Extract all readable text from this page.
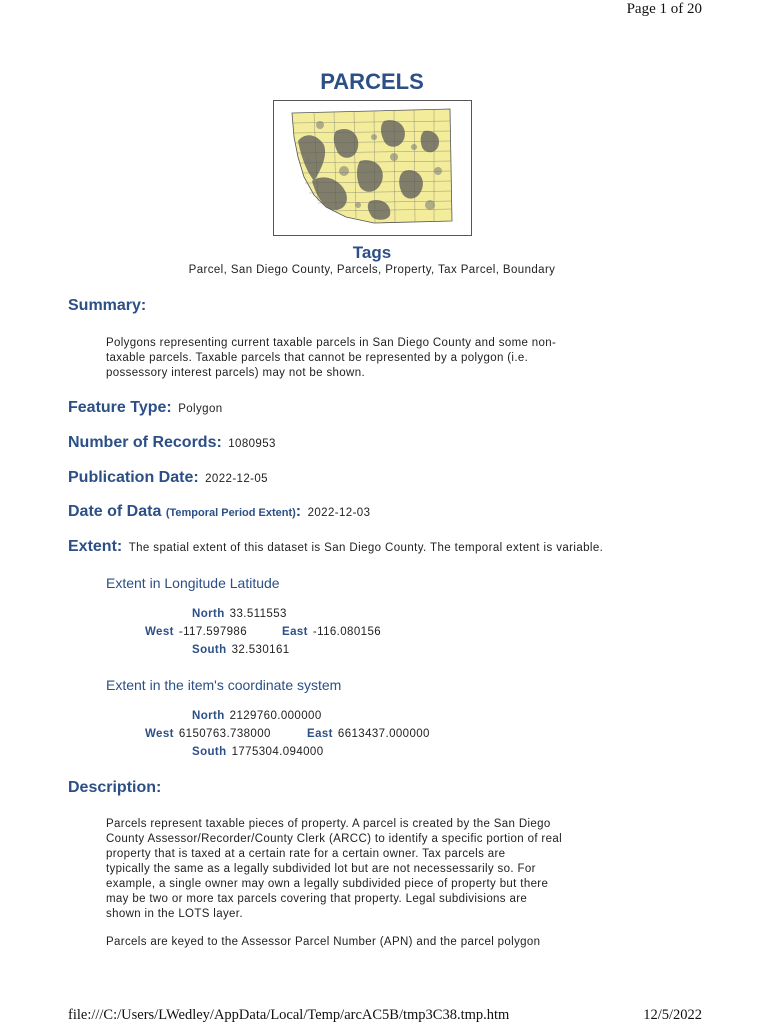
Page 1 of 20
PARCELS
Tags
Parcel, San Diego County, Parcels, Property, Tax Parcel, Boundary
Summary:
Polygons representing current taxable parcels in San Diego County and some non-
taxable parcels. Taxable parcels that cannot be represented by a polygon (i.e.
possessory interest parcels) may not be shown.
Feature Type: Polygon
Number of Records: 1080953
Publication Date: 2022-12-05
Date of Data (Temporal Period Extent): 2022-12-03
Extent: The spatial extent of this dataset is San Diego County. The temporal extent is variable.
Extent in Longitude Latitude
North 33.511553
West -117.597986	East -116.080156
South 32.530161
Extent in the item's coordinate system
North 2129760.000000
West 6150763.738000	East 6613437.000000
South 1775304.094000
Description:
Parcels represent taxable pieces of property. A parcel is created by the San Diego
County Assessor/Recorder/County Clerk (ARCC) to identify a specific portion of real
property that is taxed at a certain rate for a certain owner. Tax parcels are
typically the same as a legally subdivided lot but are not necessessarily so. For
example, a single owner may own a legally subdivided piece of property but there
may be two or more tax parcels covering that property. Legal subdivisions are
shown in the LOTS layer.
Parcels are keyed to the Assessor Parcel Number (APN) and the parcel polygon
file:///C:/Users/LWedley/AppData/Local/Temp/arcAC5B/tmp3C38.tmp.htm	12/5/2022
